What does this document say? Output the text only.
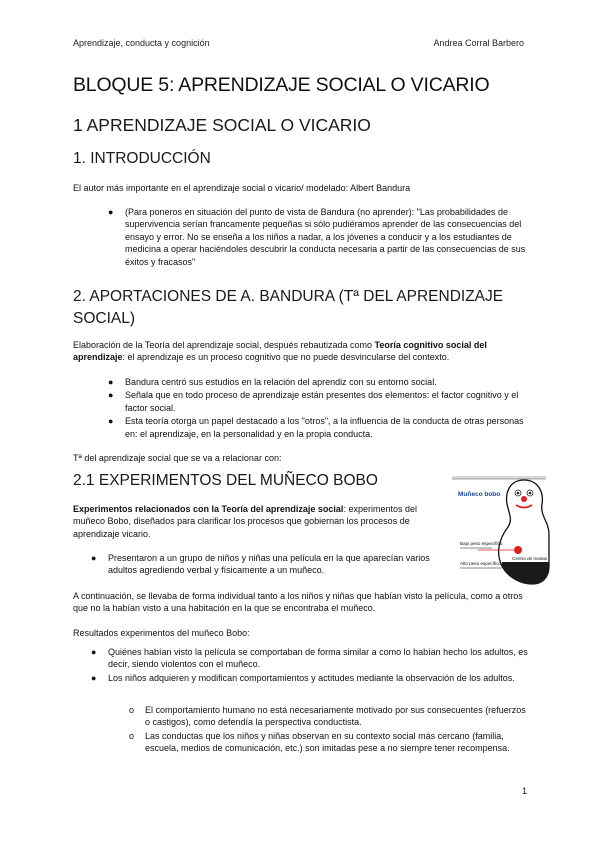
Aprendizaje, conducta y cognición	Andrea Corral Barbero
BLOQUE 5: APRENDIZAJE SOCIAL O VICARIO
1 APRENDIZAJE SOCIAL O VICARIO
1. INTRODUCCIÓN
El autor más importante en el aprendizaje social o vicario/ modelado: Albert Bandura
● (Para poneros en situación del punto de vista de Bandura (no aprender): "Las probabilidades de supervivencia serían francamente pequeñas si sólo pudiéramos aprender de las consecuencias del ensayo y error. No se enseña a los niños a nadar, a los jóvenes a conducir y a los estudiantes de medicina a operar haciéndoles descubrir la conducta necesaria a partir de las consecuencias de sus éxitos y fracasos"
2. APORTACIONES DE A. BANDURA (Tª DEL APRENDIZAJE SOCIAL)
Elaboración de la Teoría del aprendizaje social, después rebautizada como Teoría cognitivo social del aprendizaje: el aprendizaje es un proceso cognitivo que no puede desvincularse del contexto.
● Bandura centró sus estudios en la relación del aprendiz con su entorno social.
● Señala que en todo proceso de aprendizaje están presentes dos elementos: el factor cognitivo y el factor social.
● Esta teoría otorga un papel destacado a los "otros", a la influencia de la conducta de otras personas en: el aprendizaje, en la personalidad y en la propia conducta.
Tª del aprendizaje social que se va a relacionar con:
2.1 EXPERIMENTOS DEL MUÑECO BOBO
Experimentos relacionados con la Teoría del aprendizaje social: experimentos del muñeco Bobo, diseñados para clarificar los procesos que gobiernan los procesos de aprendizaje vicario.
● Presentaron a un grupo de niños y niñas una película en la que aparecían varios adultos agrediendo verbal y físicamente a un muñeco.
Muñeco bobo
Bajo peso específico
Centro de masas
Alto peso específico
A continuación, se llevaba de forma individual tanto a los niños y niñas que habían visto la película, como a otros que no la habían visto a una habitación en la que se encontraba el muñeco.
Resultados experimentos del muñeco Bobo:
● Quiénes habían visto la película se comportaban de forma similar a como lo habían hecho los adultos, es decir, siendo violentos con el muñeco.
● Los niños adquieren y modifican comportamientos y actitudes mediante la observación de los adultos.
o El comportamiento humano no está necesariamente motivado por sus consecuentes (refuerzos o castigos), como defendía la perspectiva conductista.
o Las conductas que los niños y niñas observan en su contexto social más cercano (familia, escuela, medios de comunicación, etc.) son imitadas pese a no siempre tener recompensa.
1
